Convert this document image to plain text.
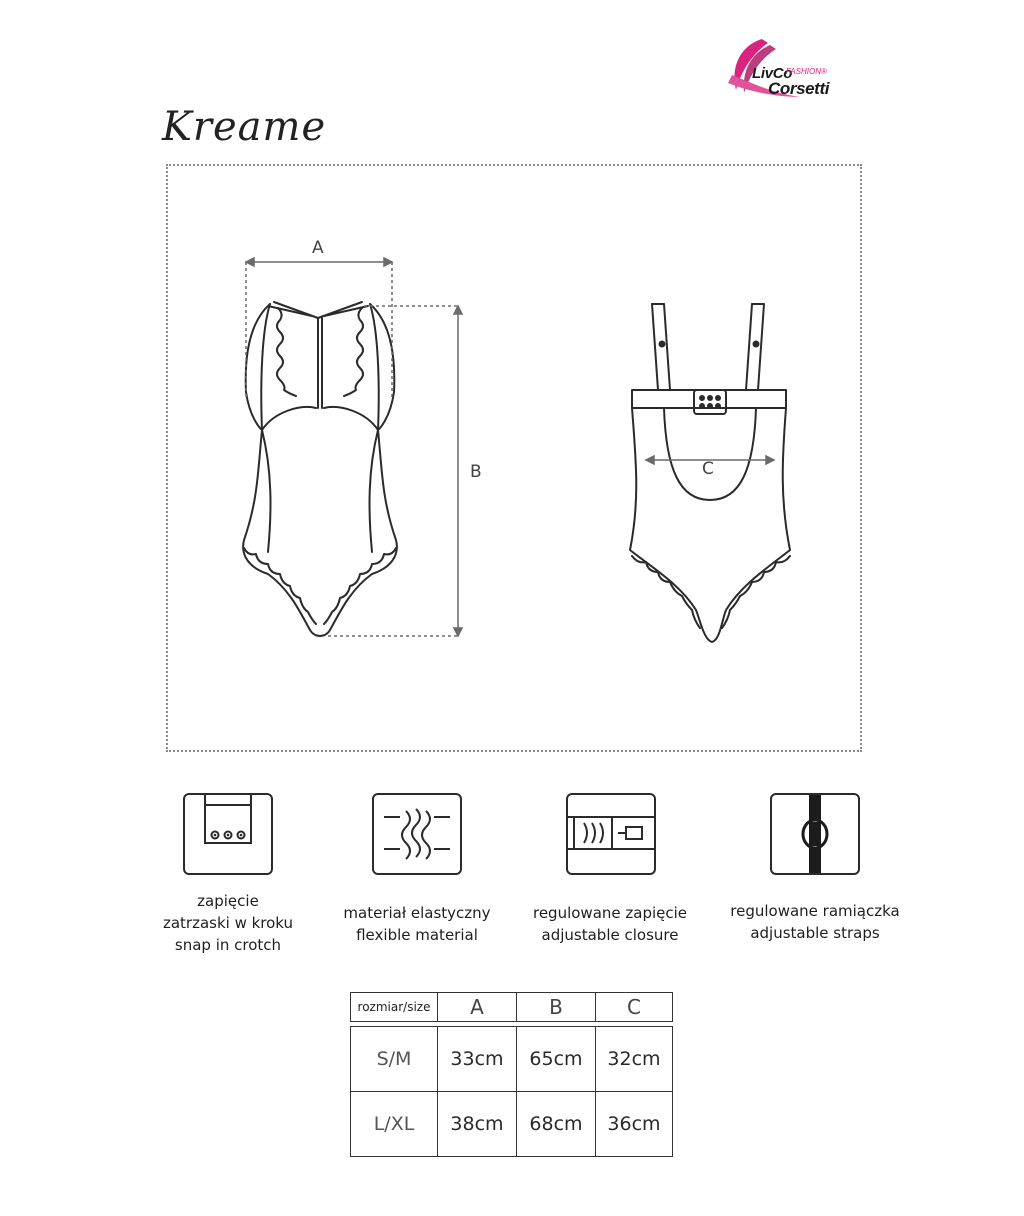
LivCo
FASHION®
Corsetti
Kreame
A
B	C
zapięcie
zatrzaski w kroku
snap in crotch
materiał elastyczny
flexible material
regulowane zapięcie
adjustable closure
regulowane ramiączka
adjustable straps
rozmiar/size	A	B	C

S/M	33cm	65cm	32cm
L/XL	38cm	68cm	36cm
